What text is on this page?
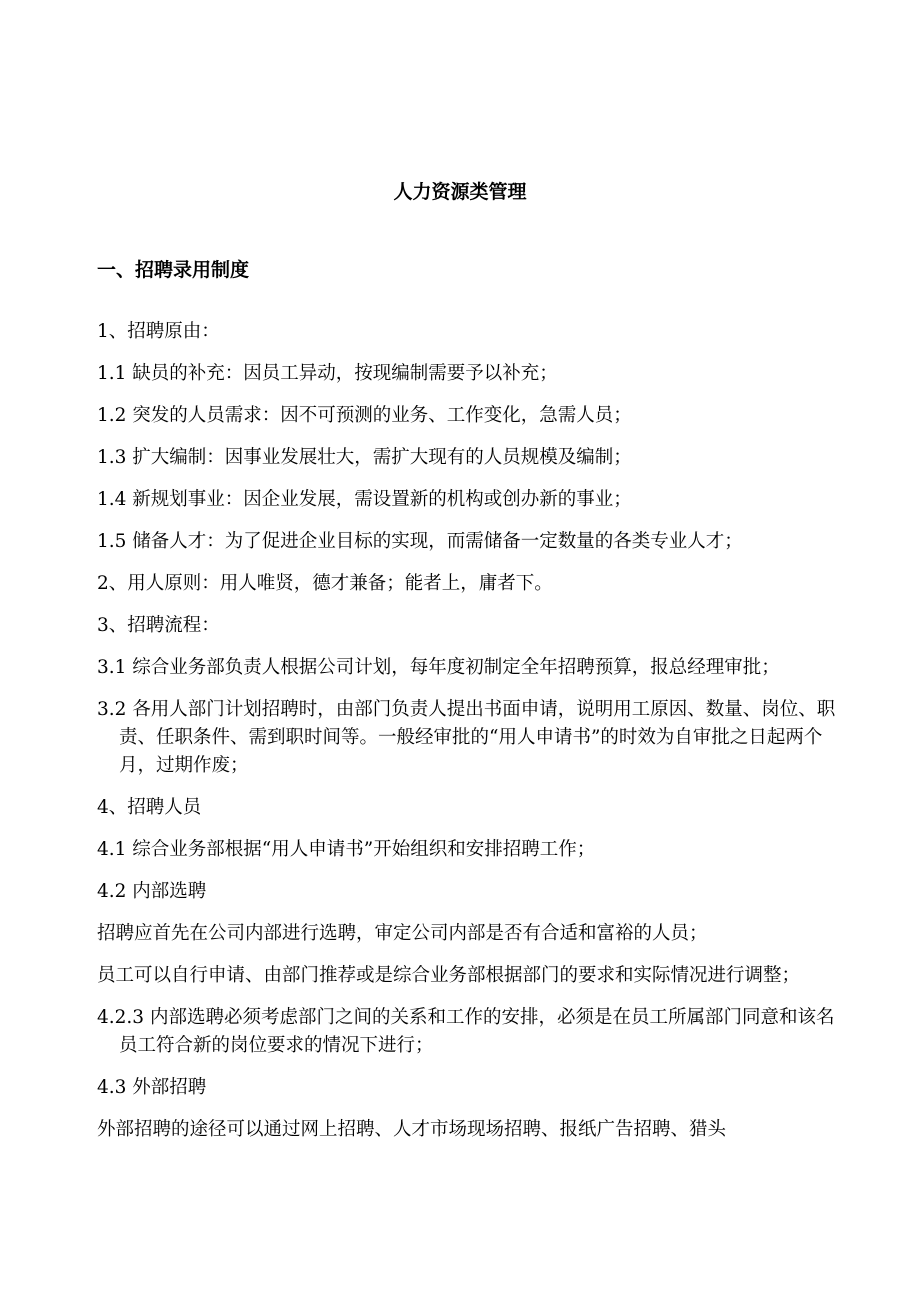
人力资源类管理
一、招聘录用制度

1、招聘原由：

1.1 缺员的补充：因员工异动，按现编制需要予以补充；

1.2 突发的人员需求：因不可预测的业务、工作变化，急需人员；

1.3 扩大编制：因事业发展壮大，需扩大现有的人员规模及编制；

1.4 新规划事业：因企业发展，需设置新的机构或创办新的事业；

1.5 储备人才：为了促进企业目标的实现，而需储备一定数量的各类专业人才；

2、用人原则：用人唯贤，德才兼备；能者上，庸者下。

3、招聘流程：

3.1 综合业务部负责人根据公司计划，每年度初制定全年招聘预算，报总经理审批；

3.2 各用人部门计划招聘时，由部门负责人提出书面申请，说明用工原因、数量、岗位、职责、任职条件、需到职时间等。一般经审批的“用人申请书”的时效为自审批之日起两个月，过期作废；

4、招聘人员

4.1 综合业务部根据“用人申请书”开始组织和安排招聘工作；

4.2 内部选聘

招聘应首先在公司内部进行选聘，审定公司内部是否有合适和富裕的人员；

员工可以自行申请、由部门推荐或是综合业务部根据部门的要求和实际情况进行调整；

4.2.3 内部选聘必须考虑部门之间的关系和工作的安排，必须是在员工所属部门同意和该名员工符合新的岗位要求的情况下进行；

4.3 外部招聘

外部招聘的途径可以通过网上招聘、人才市场现场招聘、报纸广告招聘、猎头
